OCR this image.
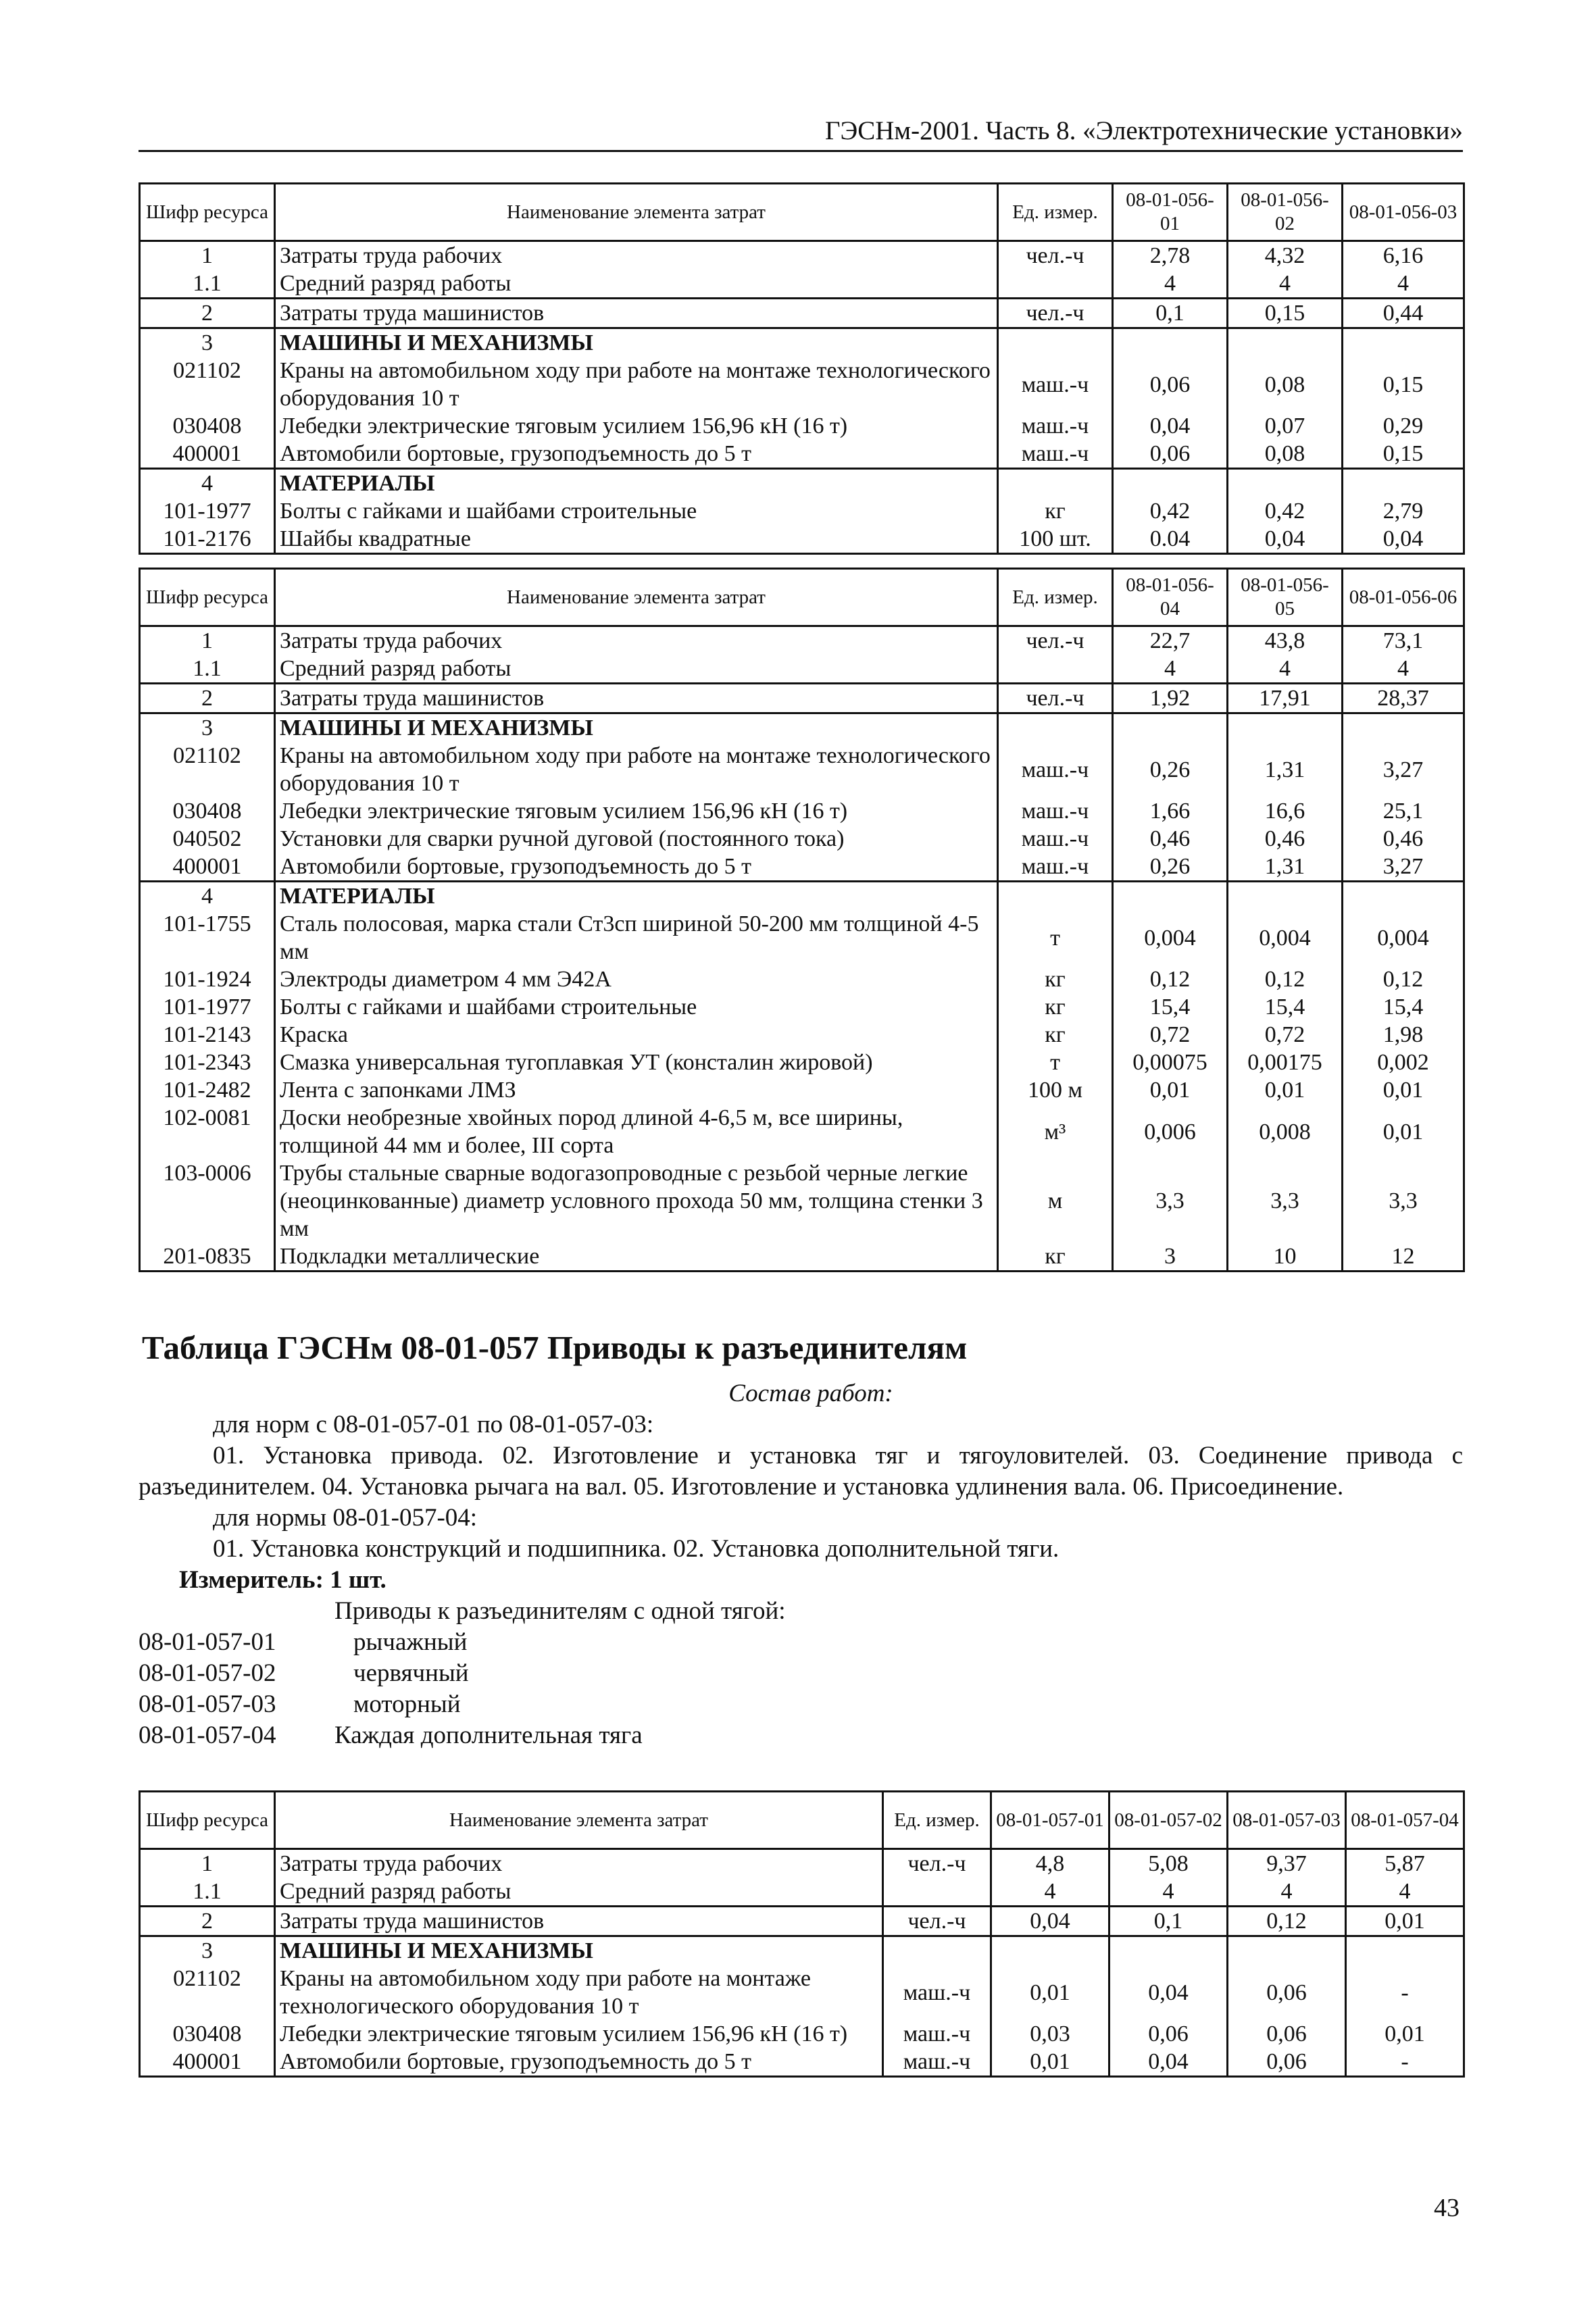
ГЭСНм-2001. Часть 8. «Электротехнические установки»
Шифр ресурса	Наименование элемента затрат	Ед. измер.	08-01-056-01	08-01-056-02	08-01-056-03
1	Затраты труда рабочих	чел.-ч	2,78	4,32	6,16
1.1	Средний разряд работы		4	4	4
2	Затраты труда машинистов	чел.-ч	0,1	0,15	0,44
3	МАШИНЫ И МЕХАНИЗМЫ				
021102	Краны на автомобильном ходу при работе на монтаже технологического оборудования 10 т	маш.-ч	0,06	0,08	0,15
030408	Лебедки электрические тяговым усилием 156,96 кН (16 т)	маш.-ч	0,04	0,07	0,29
400001	Автомобили бортовые, грузоподъемность до 5 т	маш.-ч	0,06	0,08	0,15
4	МАТЕРИАЛЫ				
101-1977	Болты с гайками и шайбами строительные	кг	0,42	0,42	2,79
101-2176	Шайбы квадратные	100 шт.	0.04	0,04	0,04
Шифр ресурса	Наименование элемента затрат	Ед. измер.	08-01-056-04	08-01-056-05	08-01-056-06
1	Затраты труда рабочих	чел.-ч	22,7	43,8	73,1
1.1	Средний разряд работы		4	4	4
2	Затраты труда машинистов	чел.-ч	1,92	17,91	28,37
3	МАШИНЫ И МЕХАНИЗМЫ				
021102	Краны на автомобильном ходу при работе на монтаже технологического оборудования 10 т	маш.-ч	0,26	1,31	3,27
030408	Лебедки электрические тяговым усилием 156,96 кН (16 т)	маш.-ч	1,66	16,6	25,1
040502	Установки для сварки ручной дуговой (постоянного тока)	маш.-ч	0,46	0,46	0,46
400001	Автомобили бортовые, грузоподъемность до 5 т	маш.-ч	0,26	1,31	3,27
4	МАТЕРИАЛЫ				
101-1755	Сталь полосовая, марка стали Ст3сп шириной 50-200 мм толщиной 4-5 мм	т	0,004	0,004	0,004
101-1924	Электроды диаметром 4 мм Э42А	кг	0,12	0,12	0,12
101-1977	Болты с гайками и шайбами строительные	кг	15,4	15,4	15,4
101-2143	Краска	кг	0,72	0,72	1,98
101-2343	Смазка универсальная тугоплавкая УТ (консталин жировой)	т	0,00075	0,00175	0,002
101-2482	Лента с запонками ЛМЗ	100 м	0,01	0,01	0,01
102-0081	Доски необрезные хвойных пород длиной 4-6,5 м, все ширины, толщиной 44 мм и более, III сорта	м³	0,006	0,008	0,01
103-0006	Трубы стальные сварные водогазопроводные с резьбой черные легкие (неоцинкованные) диаметр условного прохода 50 мм, толщина стенки 3 мм	м	3,3	3,3	3,3
201-0835	Подкладки металлические	кг	3	10	12
Таблица ГЭСНм 08-01-057 Приводы к разъединителям
Состав работ:
для норм с 08-01-057-01 по 08-01-057-03:
01. Установка привода. 02. Изготовление и установка тяг и тягоуловителей. 03. Соединение привода с разъединителем. 04. Установка рычага на вал. 05. Изготовление и установка удлинения вала. 06. Присоединение.
для нормы 08-01-057-04:
01. Установка конструкций и подшипника. 02. Установка дополнительной тяги.
Измеритель: 1 шт.
Приводы к разъединителям с одной тягой:
08-01-057-01	рычажный
08-01-057-02	червячный
08-01-057-03	моторный
08-01-057-04	Каждая дополнительная тяга
Шифр ресурса	Наименование элемента затрат	Ед. измер.	08-01-057-01	08-01-057-02	08-01-057-03	08-01-057-04
1	Затраты труда рабочих	чел.-ч	4,8	5,08	9,37	5,87
1.1	Средний разряд работы		4	4	4	4
2	Затраты труда машинистов	чел.-ч	0,04	0,1	0,12	0,01
3	МАШИНЫ И МЕХАНИЗМЫ					
021102	Краны на автомобильном ходу при работе на монтаже технологического оборудования 10 т	маш.-ч	0,01	0,04	0,06	-
030408	Лебедки электрические тяговым усилием 156,96 кН (16 т)	маш.-ч	0,03	0,06	0,06	0,01
400001	Автомобили бортовые, грузоподъемность до 5 т	маш.-ч	0,01	0,04	0,06	-
43
